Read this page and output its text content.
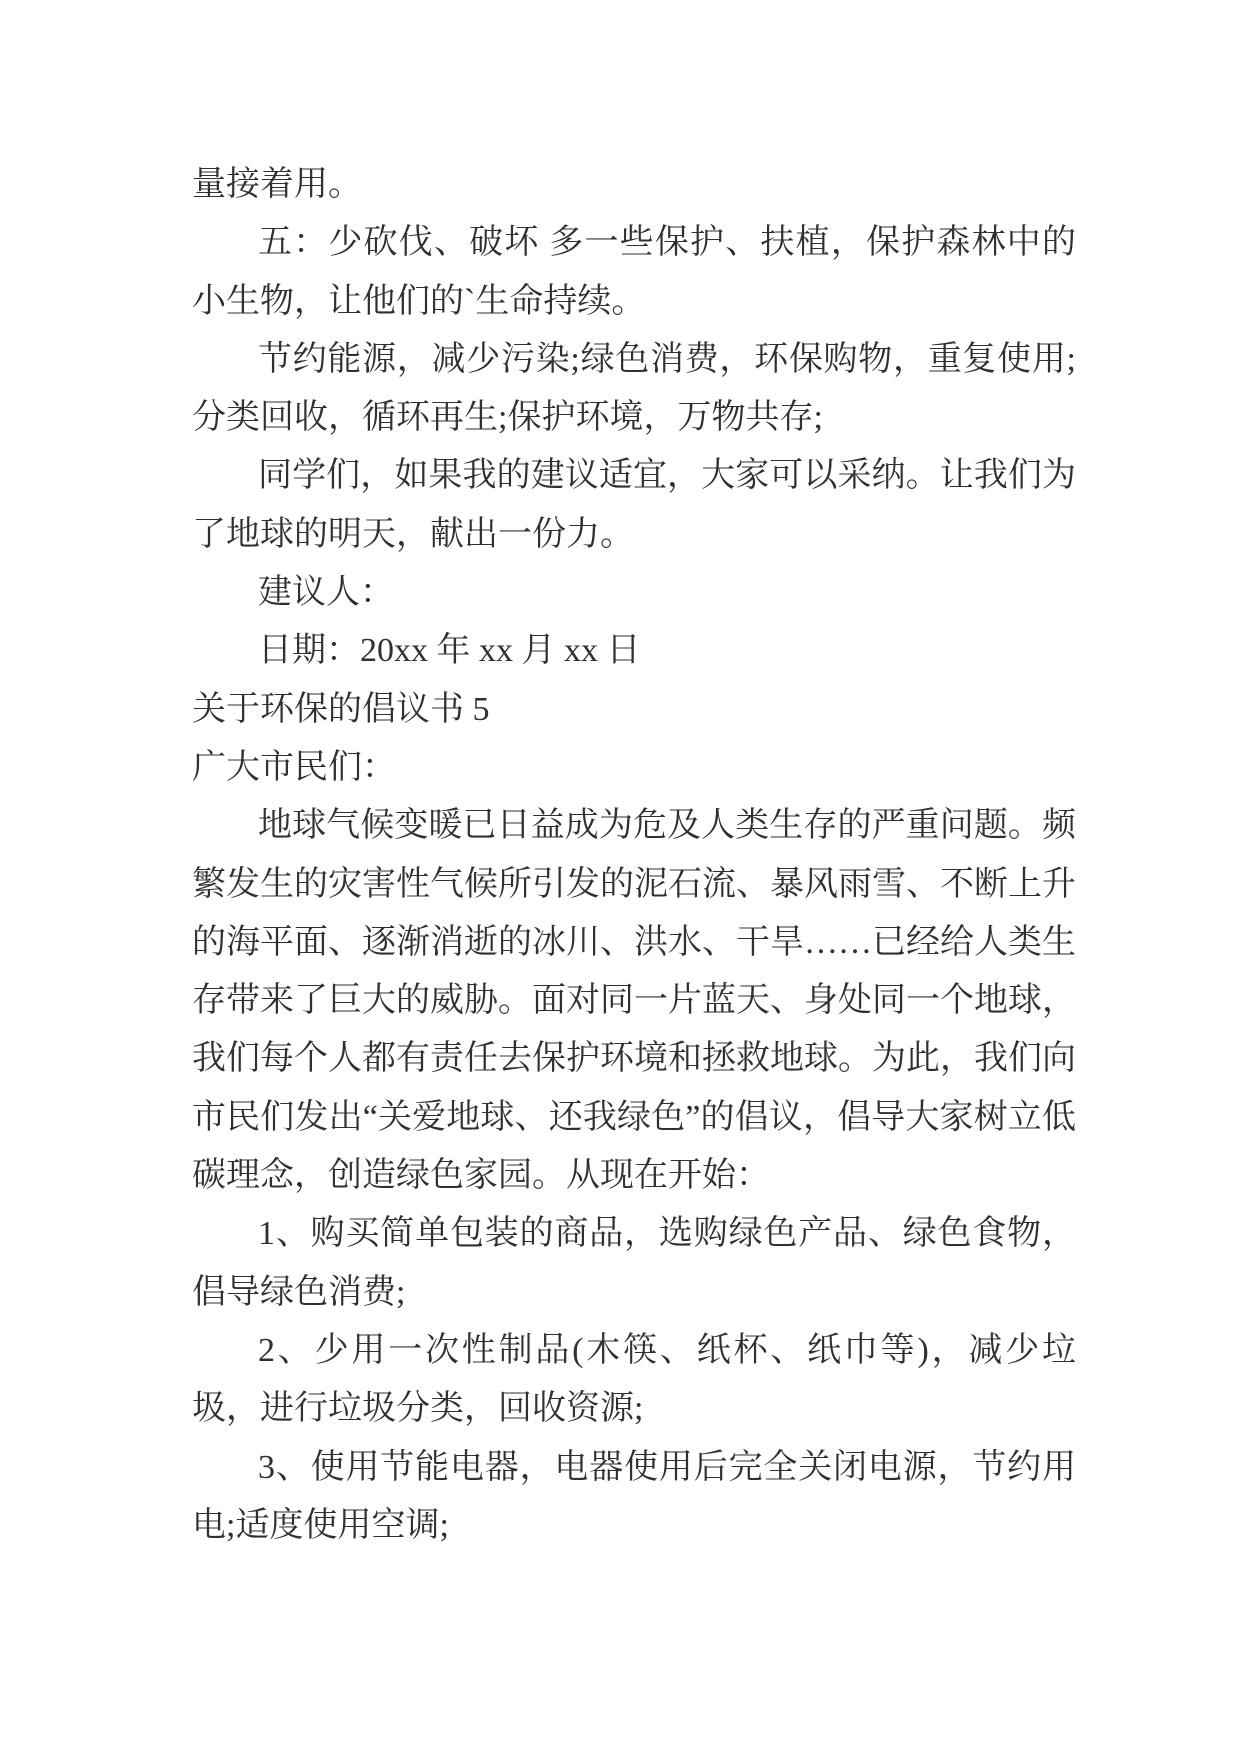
量接着用。

五：少砍伐、破坏 多一些保护、扶植，保护森林中的小生物，让他们的`生命持续。

节约能源，减少污染;绿色消费，环保购物，重复使用;分类回收，循环再生;保护环境，万物共存;

同学们，如果我的建议适宜，大家可以采纳。让我们为了地球的明天，献出一份力。

建议人：

日期：20xx 年 xx 月 xx 日

关于环保的倡议书 5

广大市民们：

地球气候变暖已日益成为危及人类生存的严重问题。频繁发生的灾害性气候所引发的泥石流、暴风雨雪、不断上升的海平面、逐渐消逝的冰川、洪水、干旱……已经给人类生存带来了巨大的威胁。面对同一片蓝天、身处同一个地球，我们每个人都有责任去保护环境和拯救地球。为此，我们向市民们发出“关爱地球、还我绿色”的倡议，倡导大家树立低碳理念，创造绿色家园。从现在开始：

1、购买简单包装的商品，选购绿色产品、绿色食物，倡导绿色消费;

2、少用一次性制品(木筷、纸杯、纸巾等)，减少垃圾，进行垃圾分类，回收资源;

3、使用节能电器，电器使用后完全关闭电源，节约用电;适度使用空调;
